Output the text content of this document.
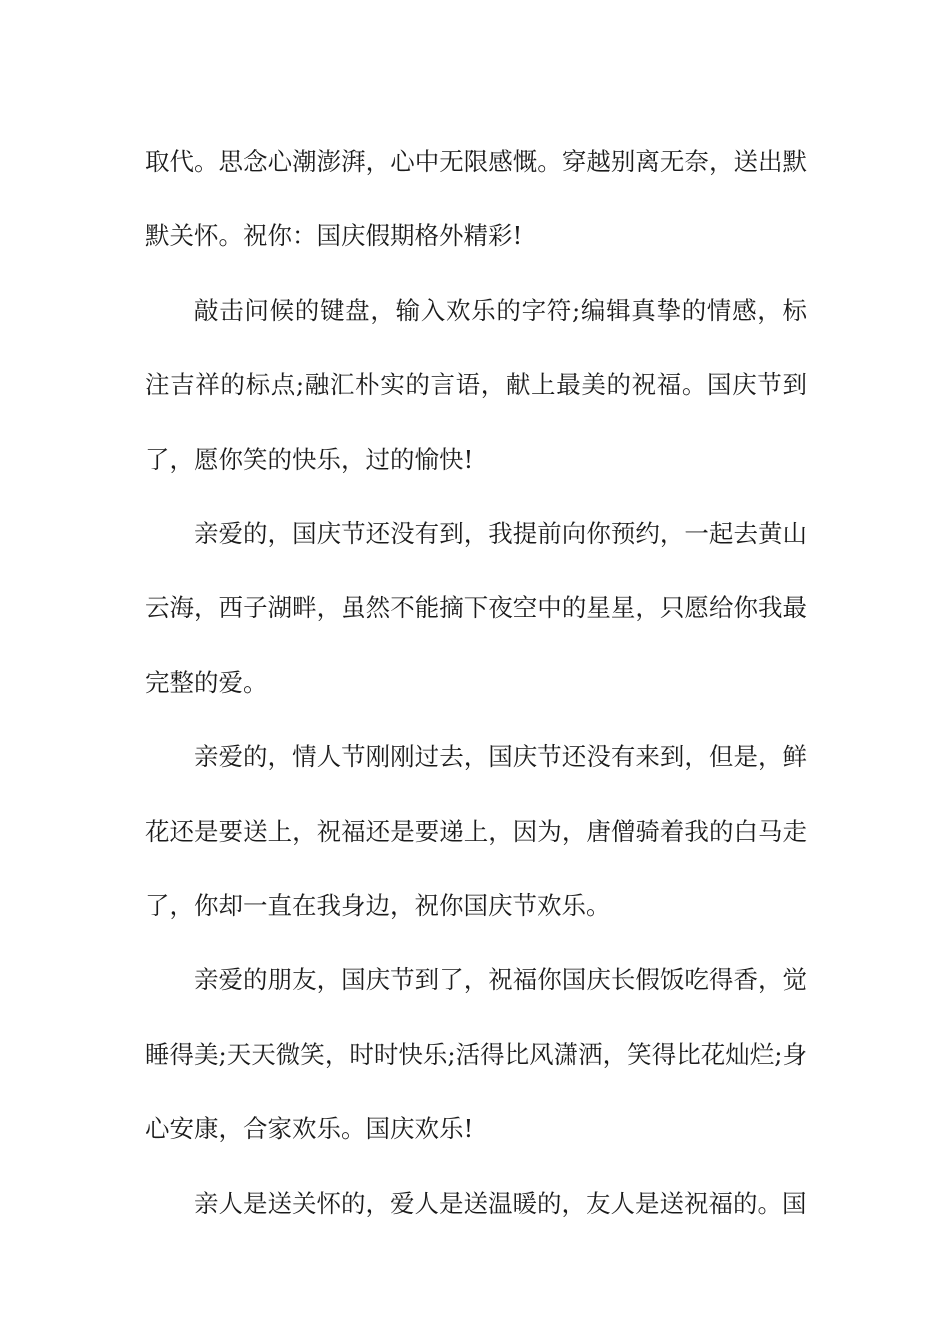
取代。思念心潮澎湃，心中无限感慨。穿越别离无奈，送出默默关怀。祝你：国庆假期格外精彩!

敲击问候的键盘，输入欢乐的字符;编辑真挚的情感，标注吉祥的标点;融汇朴实的言语，献上最美的祝福。国庆节到了，愿你笑的快乐，过的愉快!

亲爱的，国庆节还没有到，我提前向你预约，一起去黄山云海，西子湖畔，虽然不能摘下夜空中的星星，只愿给你我最完整的爱。

亲爱的，情人节刚刚过去，国庆节还没有来到，但是，鲜花还是要送上，祝福还是要递上，因为，唐僧骑着我的白马走了，你却一直在我身边，祝你国庆节欢乐。

亲爱的朋友，国庆节到了，祝福你国庆长假饭吃得香，觉睡得美;天天微笑，时时快乐;活得比风潇洒，笑得比花灿烂;身心安康，合家欢乐。国庆欢乐!

亲人是送关怀的，爱人是送温暖的，友人是送祝福的。国
